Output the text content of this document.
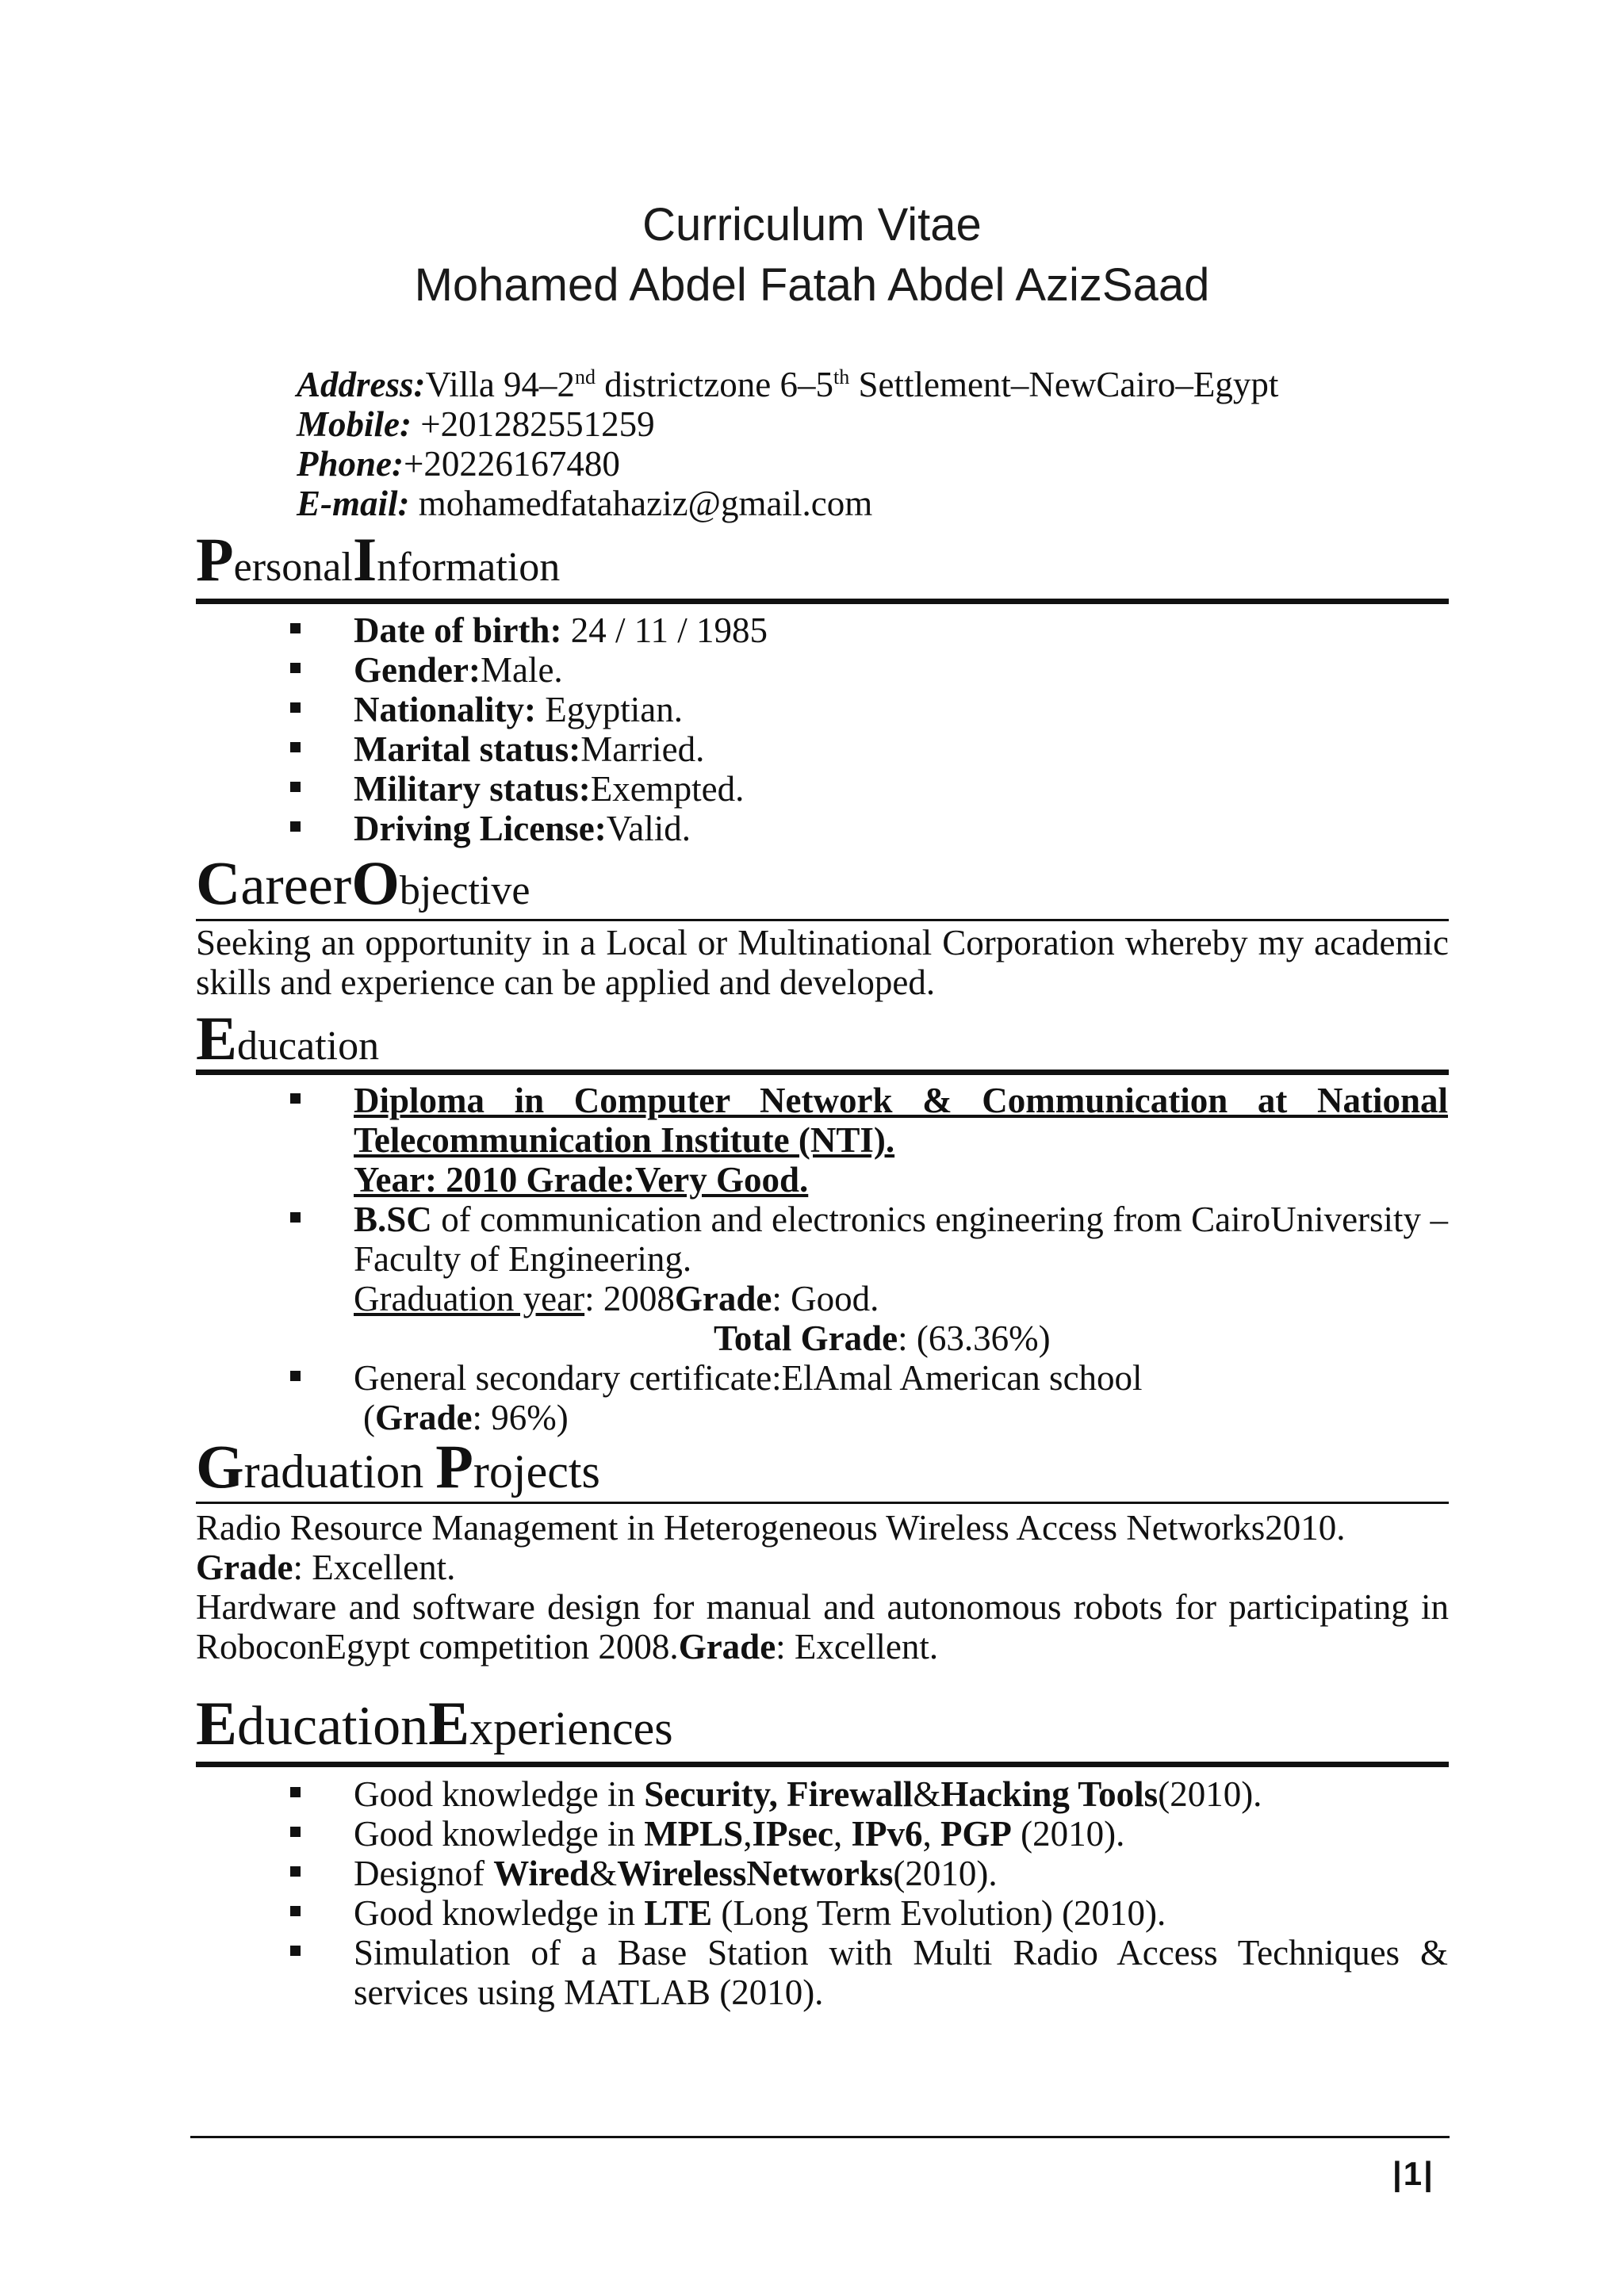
Curriculum Vitae
Mohamed Abdel Fatah Abdel AzizSaad
Address:Villa 94–2nd districtzone 6–5th Settlement–NewCairo–Egypt
Mobile: +201282551259
Phone:+20226167480
E-mail: mohamedfatahaziz@gmail.com
PersonalInformation
Date of birth: 24 / 11 / 1985
Gender:Male.
Nationality: Egyptian.
Marital status:Married.
Military status:Exempted.
Driving License:Valid.
CareerObjective
Seeking an opportunity in a Local or Multinational Corporation whereby my academic skills and experience can be applied and developed.
Education
Diploma in Computer Network & Communication at National Telecommunication Institute (NTI).
Year: 2010 Grade:Very Good.
B.SC of communication and electronics engineering from CairoUniversity – Faculty of Engineering.
Graduation year: 2008Grade: Good.
Total Grade: (63.36%)
General secondary certificate:ElAmal American school
(Grade: 96%)
Graduation Projects
Radio Resource Management in Heterogeneous Wireless Access Networks2010.
Grade: Excellent.
Hardware and software design for manual and autonomous robots for participating in RoboconEgypt competition 2008.Grade: Excellent.
EducationExperiences
Good knowledge in Security, Firewall&Hacking Tools(2010).
Good knowledge in MPLS,IPsec, IPv6, PGP (2010).
Designof Wired&WirelessNetworks(2010).
Good knowledge in LTE (Long Term Evolution) (2010).
Simulation of a Base Station with Multi Radio Access Techniques & services using MATLAB (2010).
|1|
